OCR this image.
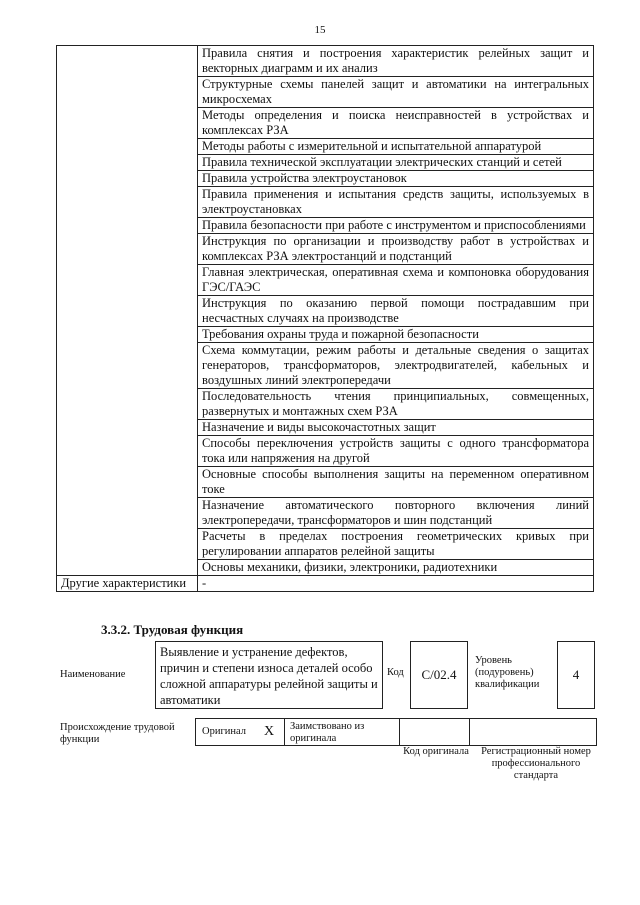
15
	Правила снятия и построения характеристик релейных защит и векторных диаграмм и их анализ
	Структурные схемы панелей защит и автоматики на интегральных микросхемах
	Методы определения и поиска неисправностей в устройствах и комплексах РЗА
	Методы работы с измерительной и испытательной аппаратурой
	Правила технической эксплуатации электрических станций и сетей
	Правила устройства электроустановок
	Правила применения и испытания средств защиты, используемых в электроустановках
	Правила безопасности при работе с инструментом и приспособлениями
	Инструкция по организации и производству работ в устройствах и комплексах РЗА электростанций и подстанций
	Главная электрическая, оперативная схема и компоновка оборудования ГЭС/ГАЭС
	Инструкция по оказанию первой помощи пострадавшим при несчастных случаях на производстве
	Требования охраны труда и пожарной безопасности
	Схема коммутации, режим работы и детальные сведения о защитах генераторов, трансформаторов, электродвигателей, кабельных и воздушных линий электропередачи
	Последовательность чтения принципиальных, совмещенных, развернутых и монтажных схем РЗА
	Назначение и виды высокочастотных защит
	Способы переключения устройств защиты с одного трансформатора тока или напряжения на другой
	Основные способы выполнения защиты на переменном оперативном токе
	Назначение автоматического повторного включения линий электропередачи, трансформаторов и шин подстанций
	Расчеты в пределах построения геометрических кривых при регулировании аппаратов релейной защиты
	Основы механики, физики, электроники, радиотехники
Другие характеристики	-
3.3.2. Трудовая функция
Наименование
Выявление и устранение дефектов, причин и степени износа деталей особо сложной аппаратуры релейной защиты и автоматики
Код	C/02.4
Уровень (подуровень) квалификации
4
Происхождение трудовой функции
Оригинал X Заимствовано из оригинала
Код оригинала	Регистрационный номер профессионального стандарта
